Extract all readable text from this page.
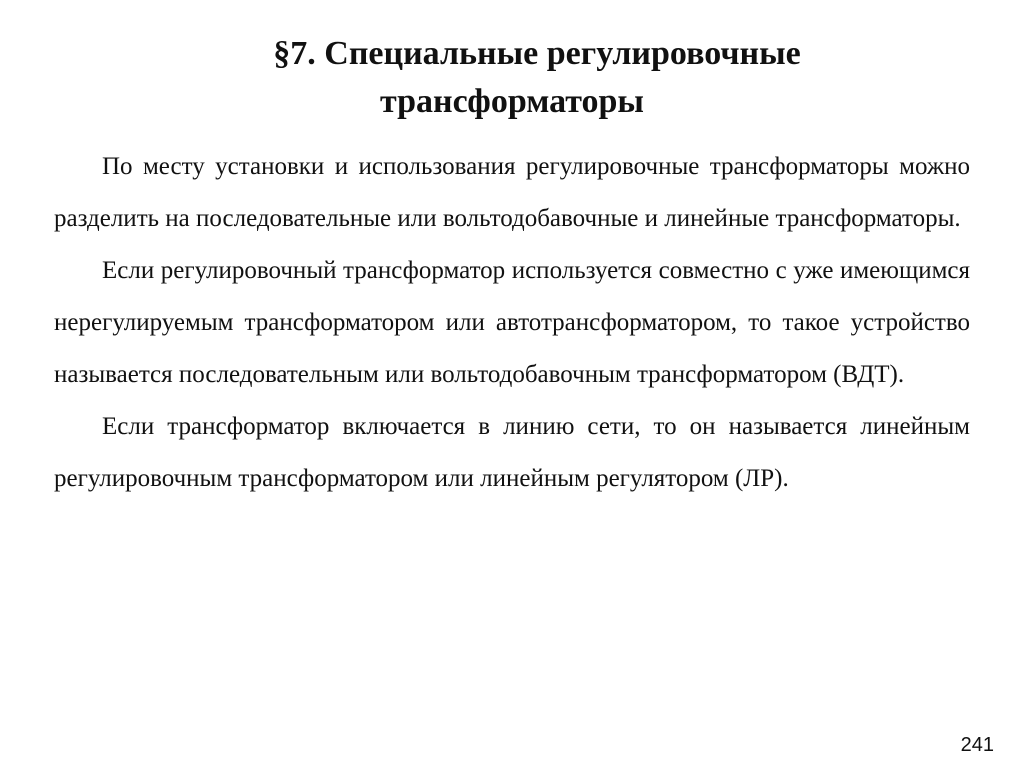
§7. Специальные регулировочные
трансформаторы

По месту установки и использования регулировочные трансформаторы можно разделить на последовательные или вольтодобавочные и линейные трансформаторы.

Если регулировочный трансформатор используется совместно с уже имеющимся нерегулируемым трансформатором или автотрансформатором, то такое устройство называется последовательным или вольтодобавочным трансформатором (ВДТ).

Если трансформатор включается в линию сети, то он называется линейным регулировочным трансформатором или линейным регулятором (ЛР).

241
